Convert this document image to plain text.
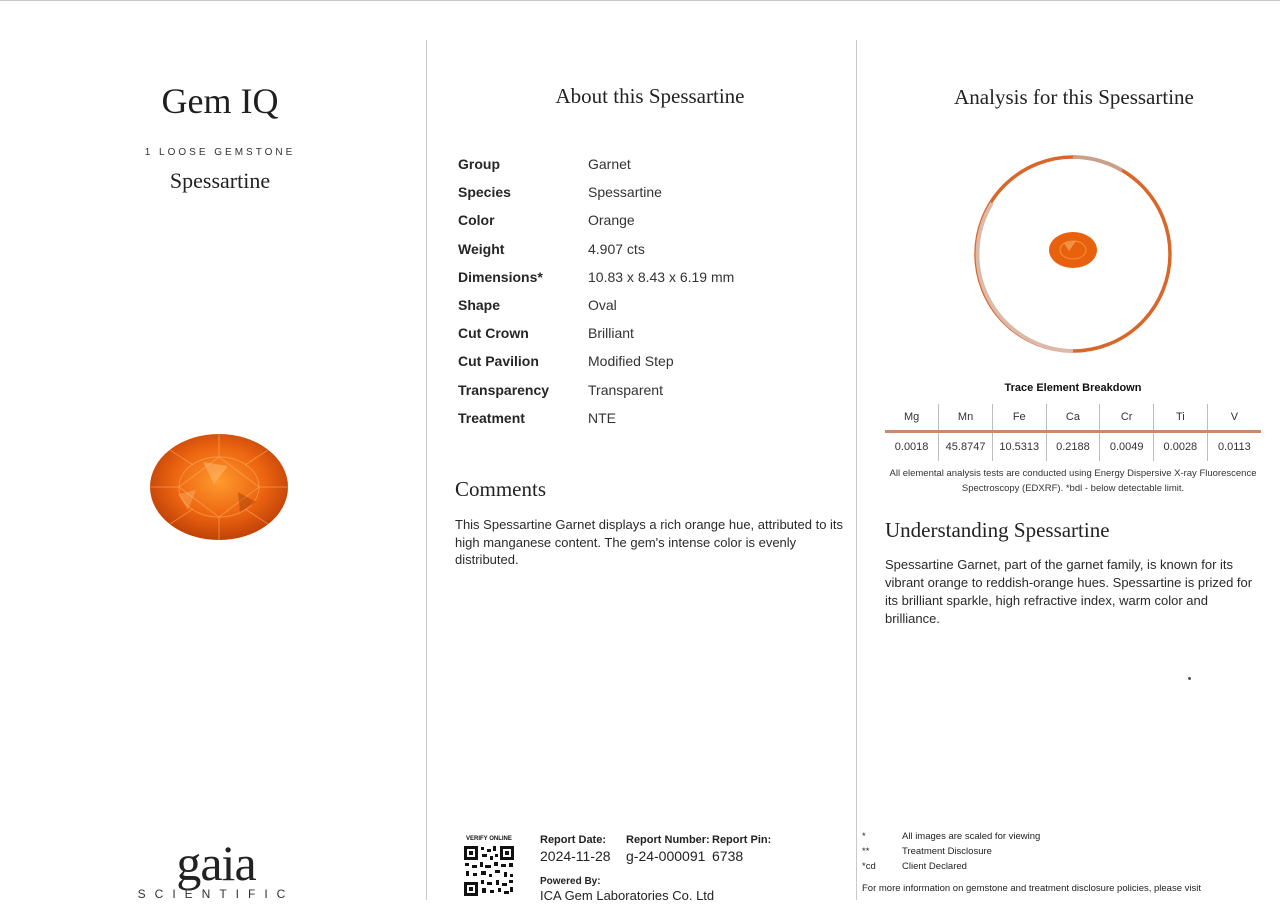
Gem IQ
1 LOOSE GEMSTONE
Spessartine
gaia
SCIENTIFIC
About this Spessartine
Group	Garnet
Species	Spessartine
Color	Orange
Weight	4.907 cts
Dimensions*	10.83 x 8.43 x 6.19 mm
Shape	Oval
Cut Crown	Brilliant
Cut Pavilion	Modified Step
Transparency	Transparent
Treatment	NTE
Comments
This Spessartine Garnet displays a rich orange hue, attributed to its high manganese content. The gem's intense color is evenly distributed.
VERIFY ONLINE	Report Date:
2024-11-28
Report Number:
g-24-000091
Report Pin:
6738
Powered By:
ICA Gem Laboratories Co. Ltd
Analysis for this Spessartine
Trace Element Breakdown
Mg	Mn	Fe	Ca	Cr	Ti	V
0.0018	45.8747	10.5313	0.2188	0.0049	0.0028	0.0113
All elemental analysis tests are conducted using Energy Dispersive X-ray Fluorescence Spectroscopy (EDXRF). *bdl - below detectable limit.
Understanding Spessartine
Spessartine Garnet, part of the garnet family, is known for its vibrant orange to reddish-orange hues. Spessartine is prized for its brilliant sparkle, high refractive index, warm color and brilliance.
*	All images are scaled for viewing
**	Treatment Disclosure
*cd	Client Declared
For more information on gemstone and treatment disclosure policies, please visit
